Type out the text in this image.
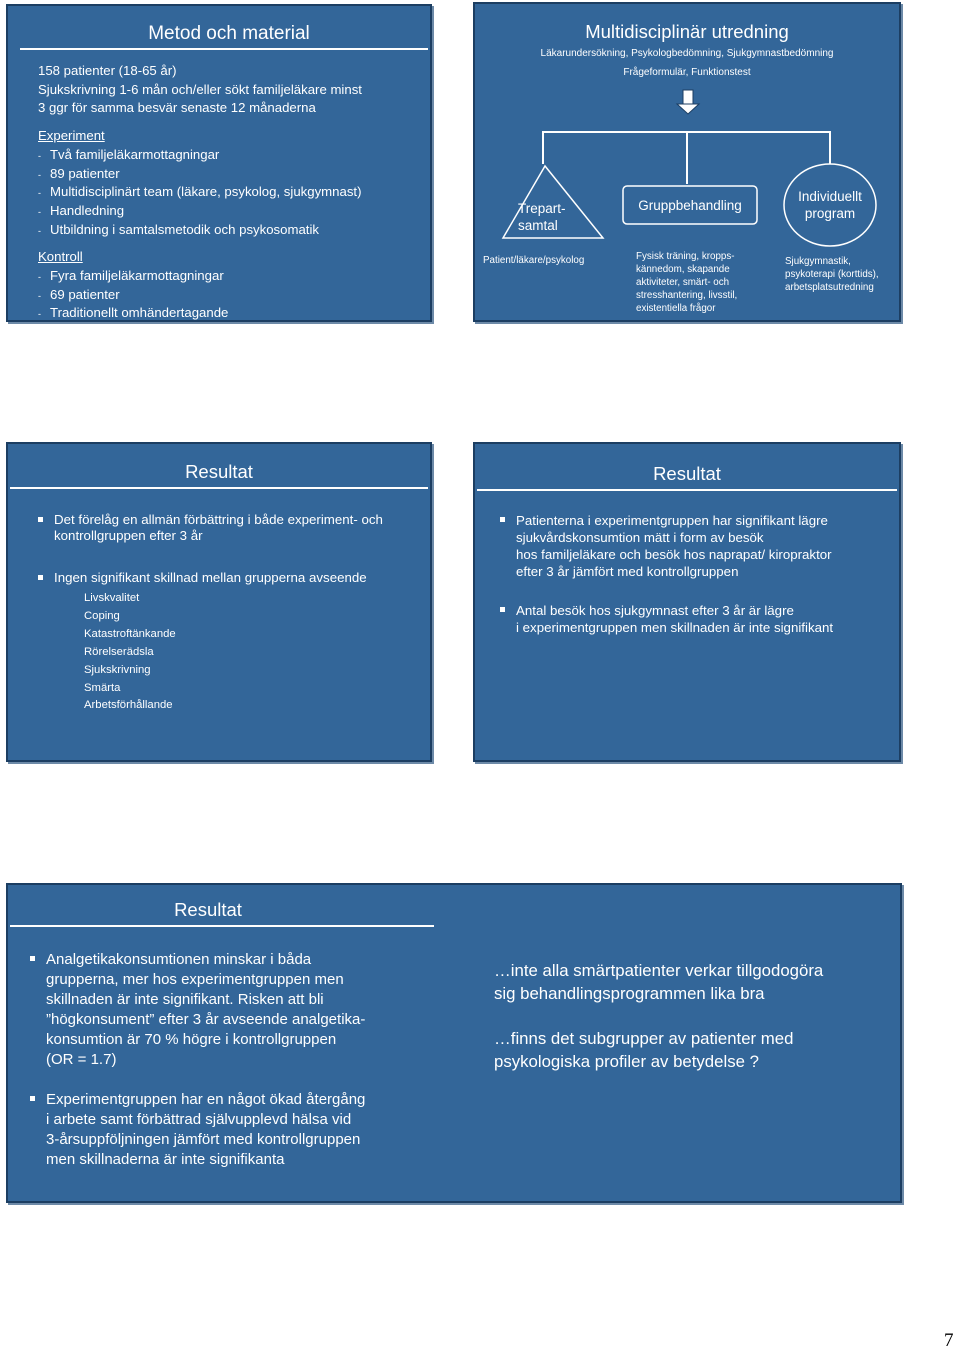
Metod och material
158 patienter (18-65 år)
Sjukskrivning 1-6 mån och/eller sökt familjeläkare minst
3 ggr för samma besvär senaste 12 månaderna
Experiment
- Två familjeläkarmottagningar
- 89 patienter
- Multidisciplinärt team (läkare, psykolog, sjukgymnast)
- Handledning
- Utbildning i samtalsmetodik och psykosomatik
Kontroll
- Fyra familjeläkarmottagningar
- 69 patienter
- Traditionellt omhändertagande
Multidisciplinär utredning
Läkarundersökning, Psykologbedömning, Sjukgymnastbedömning
Frågeformulär, Funktionstest
Trepart-
samtal
Gruppbehandling
Individuellt
program
Patient/läkare/psykolog	Fysisk träning, kropps-
kännedom, skapande
aktiviteter, smärt- och
stresshantering, livsstil,
existentiella frågor
Sjukgymnastik,
psykoterapi (korttids),
arbetsplatsutredning
Resultat
Det förelåg en allmän förbättring i både experiment- och kontrollgruppen efter 3 år
Ingen signifikant skillnad mellan grupperna avseende
Livskvalitet
Coping
Katastroftänkande
Rörelserädsla
Sjukskrivning
Smärta
Arbetsförhållande
Resultat
Patienterna i experimentgruppen har signifikant lägre
sjukvårdskonsumtion mätt i form av besök
hos familjeläkare och besök hos naprapat/ kiropraktor
efter 3 år jämfört med kontrollgruppen
Antal besök hos sjukgymnast efter 3 år är lägre
i experimentgruppen men skillnaden är inte signifikant
Resultat
Analgetikakonsumtionen minskar i båda
grupperna, mer hos experimentgruppen men
skillnaden är inte signifikant. Risken att bli
”högkonsument” efter 3 år avseende analgetika-
konsumtion är 70 % högre i kontrollgruppen
(OR = 1.7)
Experimentgruppen har en något ökad återgång
i arbete samt förbättrad självupplevd hälsa vid
3-årsuppföljningen jämfört med kontrollgruppen
men skillnaderna är inte signifikanta

…inte alla smärtpatienter verkar tillgodogöra
sig behandlingsprogrammen lika bra

…finns det subgrupper av patienter med
psykologiska profiler av betydelse ?

7
